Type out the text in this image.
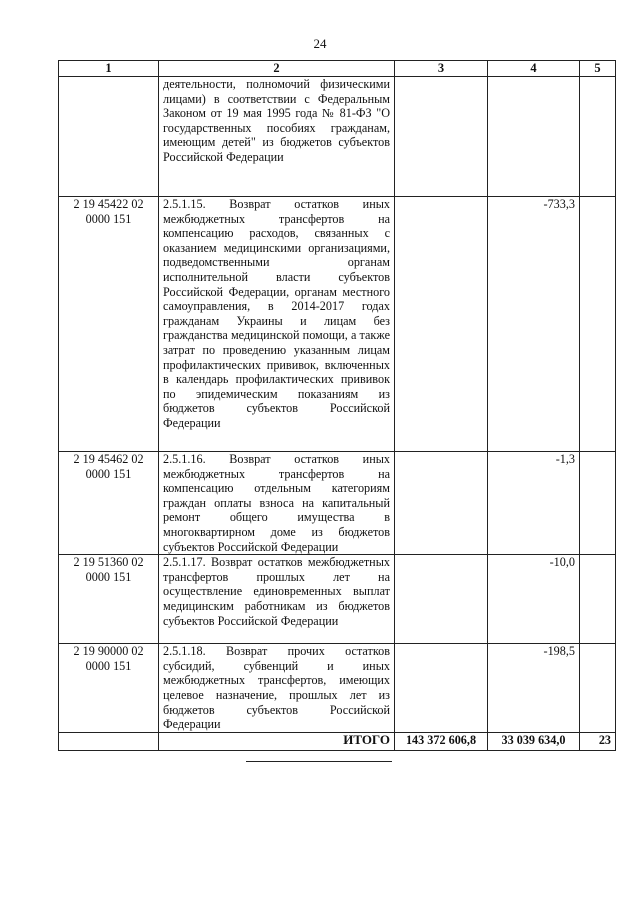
24
1	2	3	4	5
	деятельности, полномочий физическими лицами) в соответствии с Федеральным Законом от 19 мая 1995 года № 81-ФЗ "О государственных пособиях гражданам, имеющим детей" из бюджетов субъектов Российской Федерации			
2 19 45422 02 0000 151	2.5.1.15. Возврат остатков иных межбюджетных трансфертов на компенсацию расходов, связанных с оказанием медицинскими организациями, подведомственными органам исполнительной власти субъектов Российской Федерации, органам местного самоуправления, в 2014-2017 годах гражданам Украины и лицам без гражданства медицинской помощи, а также затрат по проведению указанным лицам профилактических прививок, включенных в календарь профилактических прививок по эпидемическим показаниям из бюджетов субъектов Российской Федерации		-733,3	
2 19 45462 02 0000 151	2.5.1.16. Возврат остатков иных межбюджетных трансфертов на компенсацию отдельным категориям граждан оплаты взноса на капитальный ремонт общего имущества в многоквартирном доме из бюджетов субъектов Российской Федерации		-1,3	
2 19 51360 02 0000 151	2.5.1.17. Возврат остатков межбюджетных трансфертов прошлых лет на осуществление единовременных выплат медицинским работникам из бюджетов субъектов Российской Федерации		-10,0	
2 19 90000 02 0000 151	2.5.1.18. Возврат прочих остатков субсидий, субвенций и иных межбюджетных трансфертов, имеющих целевое назначение, прошлых лет из бюджетов субъектов Российской Федерации		-198,5	
	ИТОГО	143 372 606,8	33 039 634,0	23
